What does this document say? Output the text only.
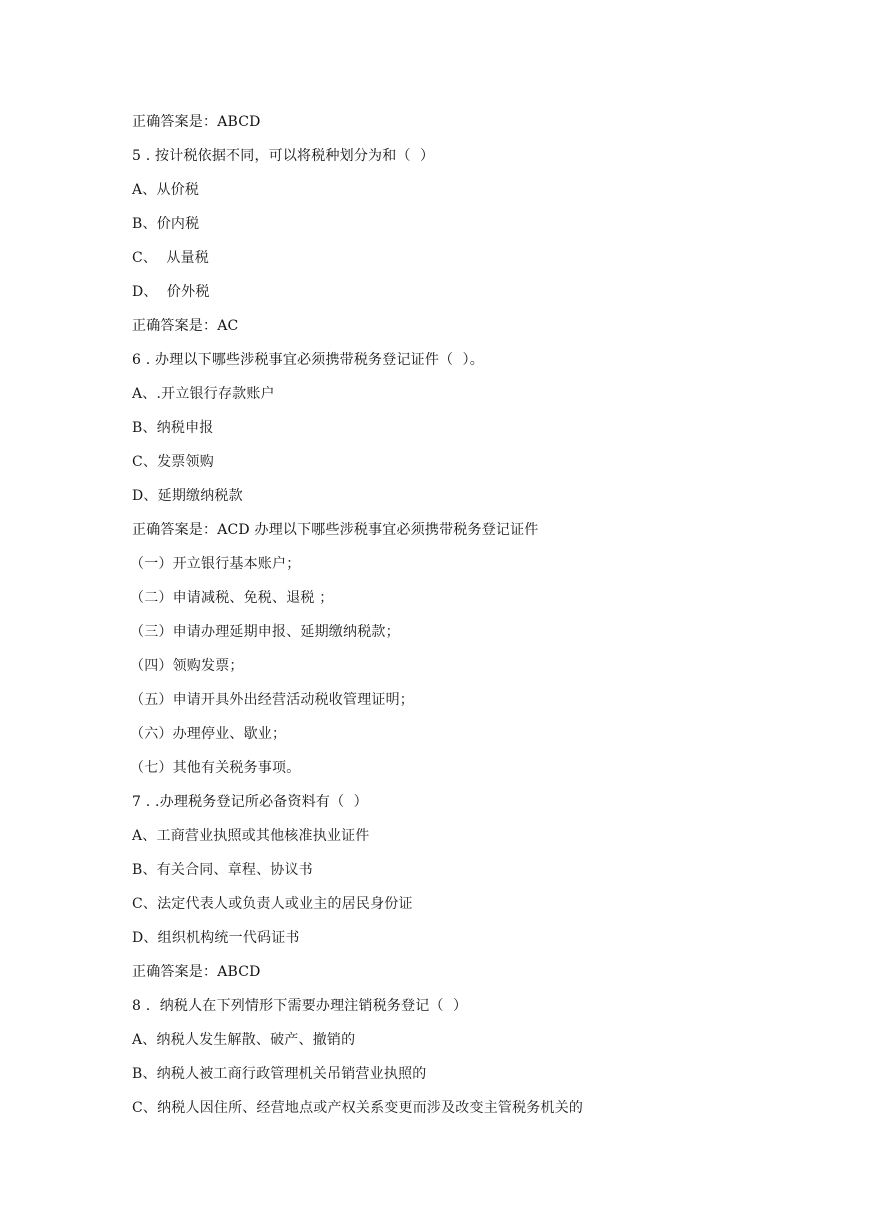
正确答案是：ABCD
5 . 按计税依据不同，可以将税种划分为和（  ）
A、从价税
B、价内税
C、  从量税
D、  价外税
正确答案是：AC
6 . 办理以下哪些涉税事宜必须携带税务登记证件（  ）。
A、.开立银行存款账户
B、纳税申报
C、发票领购
D、延期缴纳税款
正确答案是：ACD 办理以下哪些涉税事宜必须携带税务登记证件
（一）开立银行基本账户；
（二）申请减税、免税、退税 ；
（三）申请办理延期申报、延期缴纳税款；
（四）领购发票；
（五）申请开具外出经营活动税收管理证明；
（六）办理停业、歇业；
（七）其他有关税务事项。
7 . .办理税务登记所必备资料有（  ）
A、工商营业执照或其他核准执业证件
B、有关合同、章程、协议书
C、法定代表人或负责人或业主的居民身份证
D、组织机构统一代码证书
正确答案是：ABCD
8 .  纳税人在下列情形下需要办理注销税务登记（  ）
A、纳税人发生解散、破产、撤销的
B、纳税人被工商行政管理机关吊销营业执照的
C、纳税人因住所、经营地点或产权关系变更而涉及改变主管税务机关的
